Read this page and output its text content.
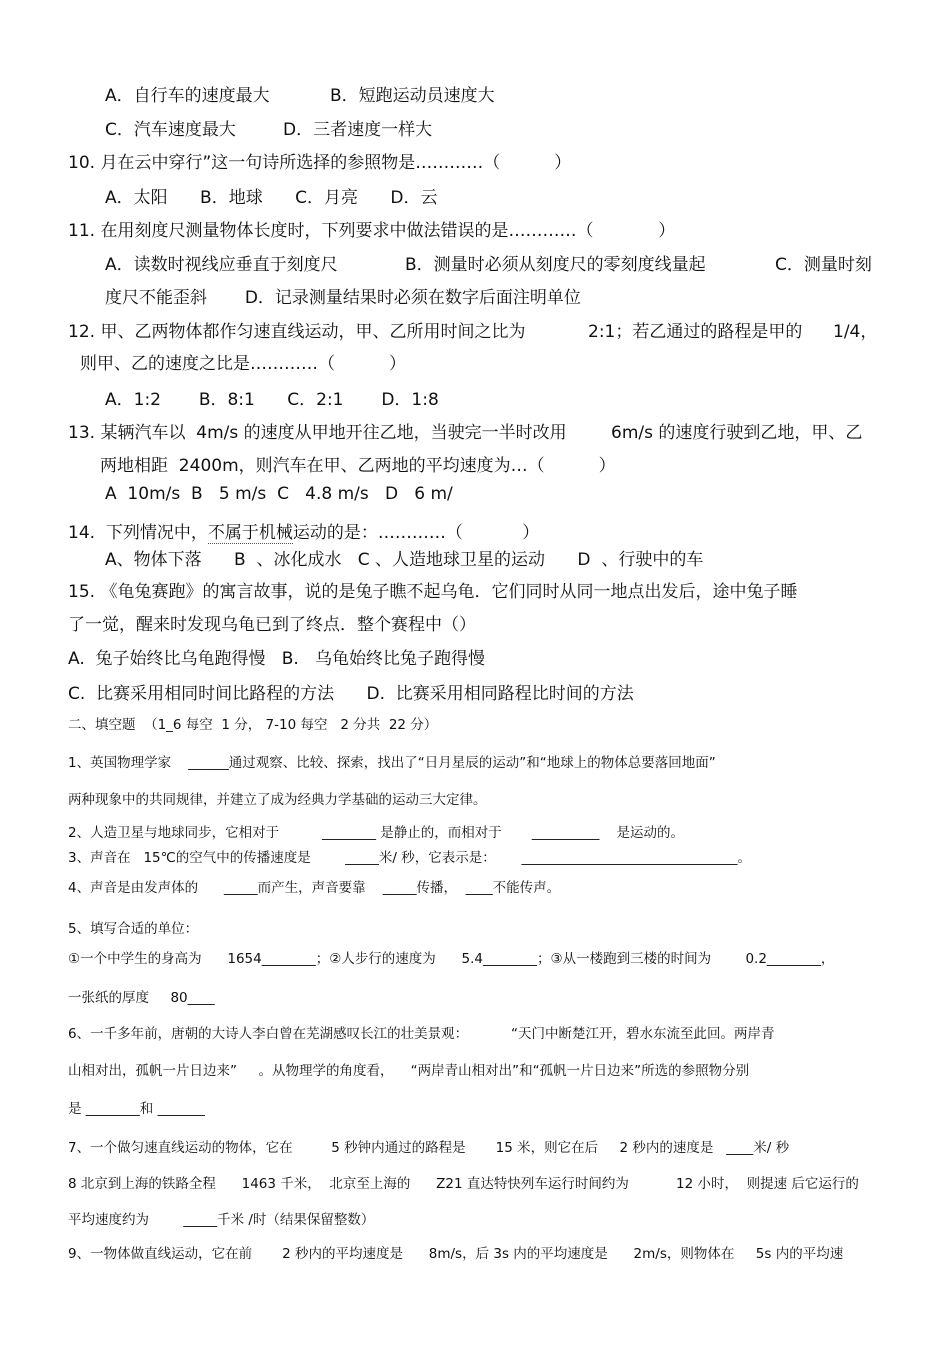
A．自行车的速度最大	B．短跑运动员速度大
C．汽车速度最大	D．三者速度一样大
10. 月在云中穿行”这一句诗所选择的参照物是…………（          ）
A．太阳      B．地球      C．月亮      D．云
11. 在用刻度尺测量物体长度时，下列要求中做法错误的是…………（            ）
A．读数时视线应垂直于刻度尺	B．测量时必须从刻度尺的零刻度线量起	C．测量时刻
度尺不能歪斜       D．记录测量结果时必须在数字后面注明单位
12. 甲、乙两物体都作匀速直线运动，甲、乙所用时间之比为	2:1；若乙通过的路程是甲的 1/4，
则甲、乙的速度之比是…………（          ）
A．1:2       B．8:1      C．2:1       D．1:8
13. 某辆汽车以  4m/s 的速度从甲地开往乙地，当驶完一半时改用	6m/s 的速度行驶到乙地，甲、乙
两地相距  2400m，则汽车在甲、乙两地的平均速度为…（          ）
A  10m/s  B   5 m/s  C   4.8 m/s   D   6 m/
14.  下列情况中，不属于机械运动的是：…………（           ）
A、物体下落      B  、冰化成水   C 、人造地球卫星的运动      D  、行驶中的车
15. 《龟兔赛跑》的寓言故事，说的是兔子瞧不起乌龟．它们同时从同一地点出发后，途中兔子睡
了一觉，醒来时发现乌龟已到了终点．整个赛程中（）
A.  兔子始终比乌龟跑得慢   B.   乌龟始终比兔子跑得慢
C.  比赛采用相同时间比路程的方法      D.  比赛采用相同路程比时间的方法
二、填空题  （1_6 每空  1 分， 7-10 每空   2 分共  22 分）
1、英国物理学家    ______通过观察、比较、探索，找出了“日月星辰的运动”和“地球上的物体总要落回地面”
两种现象中的共同规律，并建立了成为经典力学基础的运动三大定律。
2、人造卫星与地球同步，它相对于          ________ 是静止的，而相对于       __________    是运动的。
3、声音在   15℃的空气中的传播速度是        _____米/ 秒，它表示是：      ________________________________。
4、声音是由发声体的      _____而产生，声音要靠    _____传播，  ____不能传声。
5、填写合适的单位：
①一个中学生的身高为      1654________；②人步行的速度为      5.4________；③从一楼跑到三楼的时间为        0.2________，
一张纸的厚度     80____
6、一千多年前，唐朝的大诗人李白曾在芜湖感叹长江的壮美景观：          “天门中断楚江开，碧水东流至此回。两岸青
山相对出，孤帆一片日边来”     。从物理学的角度看，    “两岸青山相对出”和“孤帆一片日边来”所选的参照物分别
是 ________和 _______
7、一个做匀速直线运动的物体，它在         5 秒钟内通过的路程是       15 米，则它在后     2 秒内的速度是   ____米/ 秒
8 北京到上海的铁路全程      1463 千米，  北京至上海的      Z21 直达特快列车运行时间约为           12 小时，  则提速 后它运行的
平均速度约为        _____千米 /时（结果保留整数）
9、一物体做直线运动，它在前       2 秒内的平均速度是      8m/s，后 3s 内的平均速度是      2m/s，则物体在     5s 内的平均速
